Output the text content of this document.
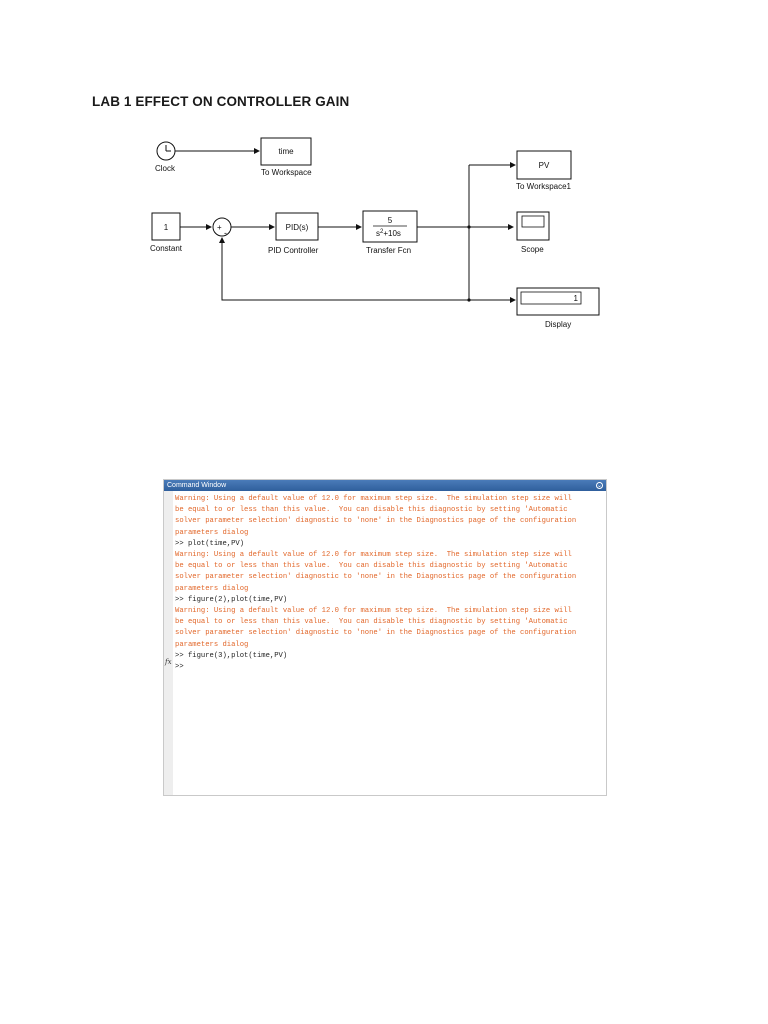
LAB 1 EFFECT ON CONTROLLER GAIN
Clock
time
To Workspace
1
Constant
+
-
PID(s)
PID Controller
5
$s^2+10s$
Transfer Fcn
PV
To Workspace1
Scope
1
Display
Command Window	⌄
fx
Warning: Using a default value of 12.0 for maximum step size.  The simulation step size will
be equal to or less than this value.  You can disable this diagnostic by setting 'Automatic
solver parameter selection' diagnostic to 'none' in the Diagnostics page of the configuration
parameters dialog
>> plot(time,PV)
Warning: Using a default value of 12.0 for maximum step size.  The simulation step size will
be equal to or less than this value.  You can disable this diagnostic by setting 'Automatic
solver parameter selection' diagnostic to 'none' in the Diagnostics page of the configuration
parameters dialog
>> figure(2),plot(time,PV)
Warning: Using a default value of 12.0 for maximum step size.  The simulation step size will
be equal to or less than this value.  You can disable this diagnostic by setting 'Automatic
solver parameter selection' diagnostic to 'none' in the Diagnostics page of the configuration
parameters dialog
>> figure(3),plot(time,PV)
>>
